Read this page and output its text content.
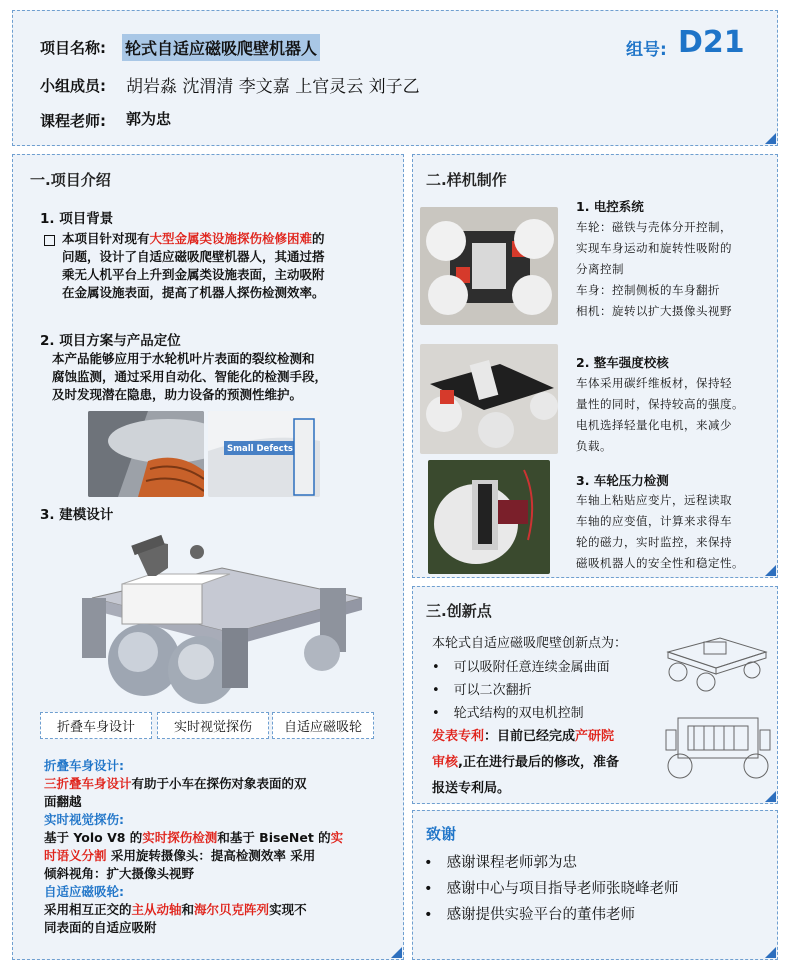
项目名称: 轮式自适应磁吸爬壁机器人	组号: D21
小组成员: 胡岩淼 沈渭清 李文嘉 上官灵云 刘子乙
课程老师: 郭为忠
一.项目介绍
1. 项目背景
本项目针对现有大型金属类设施探伤检修困难的
问题，设计了自适应磁吸爬壁机器人，其通过搭
乘无人机平台上升到金属类设施表面，主动吸附
在金属设施表面，提高了机器人探伤检测效率。
2. 项目方案与产品定位
本产品能够应用于水轮机叶片表面的裂纹检测和
腐蚀监测，通过采用自动化、智能化的检测手段，
及时发现潜在隐患，助力设备的预测性维护。
Small Defects
3. 建模设计
折叠车身设计	实时视觉探伤	自适应磁吸轮
折叠车身设计:
三折叠车身设计有助于小车在探伤对象表面的双
面翻越
实时视觉探伤:
基于 Yolo V8 的实时探伤检测和基于 BiseNet 的实
时语义分割 采用旋转摄像头：提高检测效率 采用
倾斜视角：扩大摄像头视野
自适应磁吸轮:
采用相互正交的主从动轴和海尔贝克阵列实现不
同表面的自适应吸附
二.样机制作
1. 电控系统
车轮：磁铁与壳体分开控制，
实现车身运动和旋转性吸附的
分离控制
车身：控制侧板的车身翻折
相机：旋转以扩大摄像头视野
2. 整车强度校核
车体采用碳纤维板材，保持轻
量性的同时，保持较高的强度。
电机选择轻量化电机，来减少
负载。
3. 车轮压力检测
车轴上粘贴应变片，远程读取
车轴的应变值，计算来求得车
轮的磁力，实时监控，来保持
磁吸机器人的安全性和稳定性。
三.创新点
本轮式自适应磁吸爬壁创新点为：
• 可以吸附任意连续金属曲面
• 可以二次翻折
• 轮式结构的双电机控制
发表专利：目前已经完成产研院
审核,正在进行最后的修改，准备
报送专利局。
致谢
• 感谢课程老师郭为忠
• 感谢中心与项目指导老师张晓峰老师
• 感谢提供实验平台的董伟老师
